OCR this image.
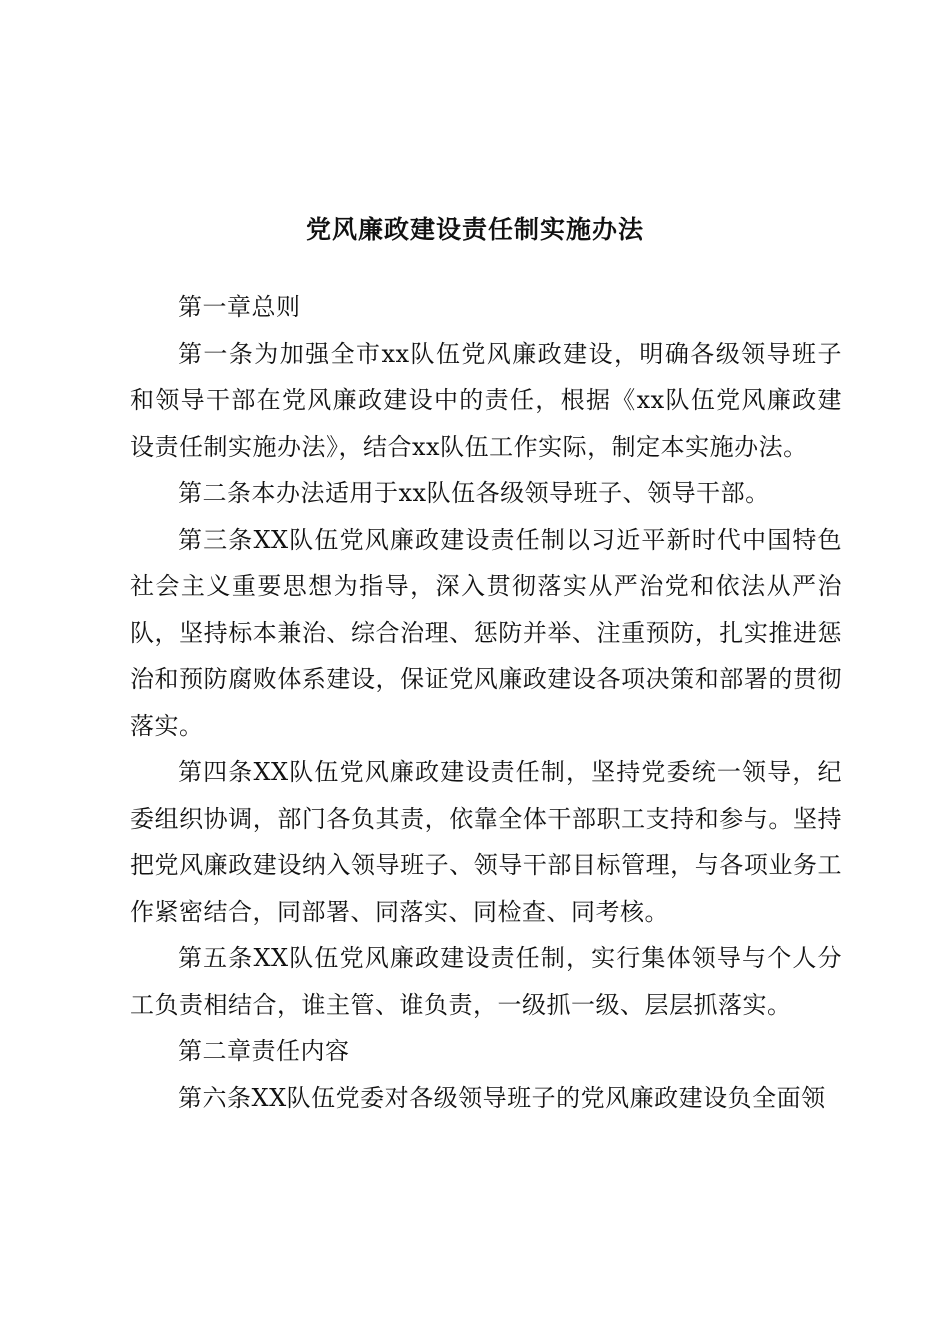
党风廉政建设责任制实施办法

第一章总则

第一条为加强全市xx队伍党风廉政建设，明确各级领导班子和领导干部在党风廉政建设中的责任，根据《xx队伍党风廉政建设责任制实施办法》，结合xx队伍工作实际，制定本实施办法。

第二条本办法适用于xx队伍各级领导班子、领导干部。

第三条XX队伍党风廉政建设责任制以习近平新时代中国特色社会主义重要思想为指导，深入贯彻落实从严治党和依法从严治队，坚持标本兼治、综合治理、惩防并举、注重预防，扎实推进惩治和预防腐败体系建设，保证党风廉政建设各项决策和部署的贯彻落实。

第四条XX队伍党风廉政建设责任制，坚持党委统一领导，纪委组织协调，部门各负其责，依靠全体干部职工支持和参与。坚持把党风廉政建设纳入领导班子、领导干部目标管理，与各项业务工作紧密结合，同部署、同落实、同检查、同考核。

第五条XX队伍党风廉政建设责任制，实行集体领导与个人分工负责相结合，谁主管、谁负责，一级抓一级、层层抓落实。

第二章责任内容

第六条XX队伍党委对各级领导班子的党风廉政建设负全面领
